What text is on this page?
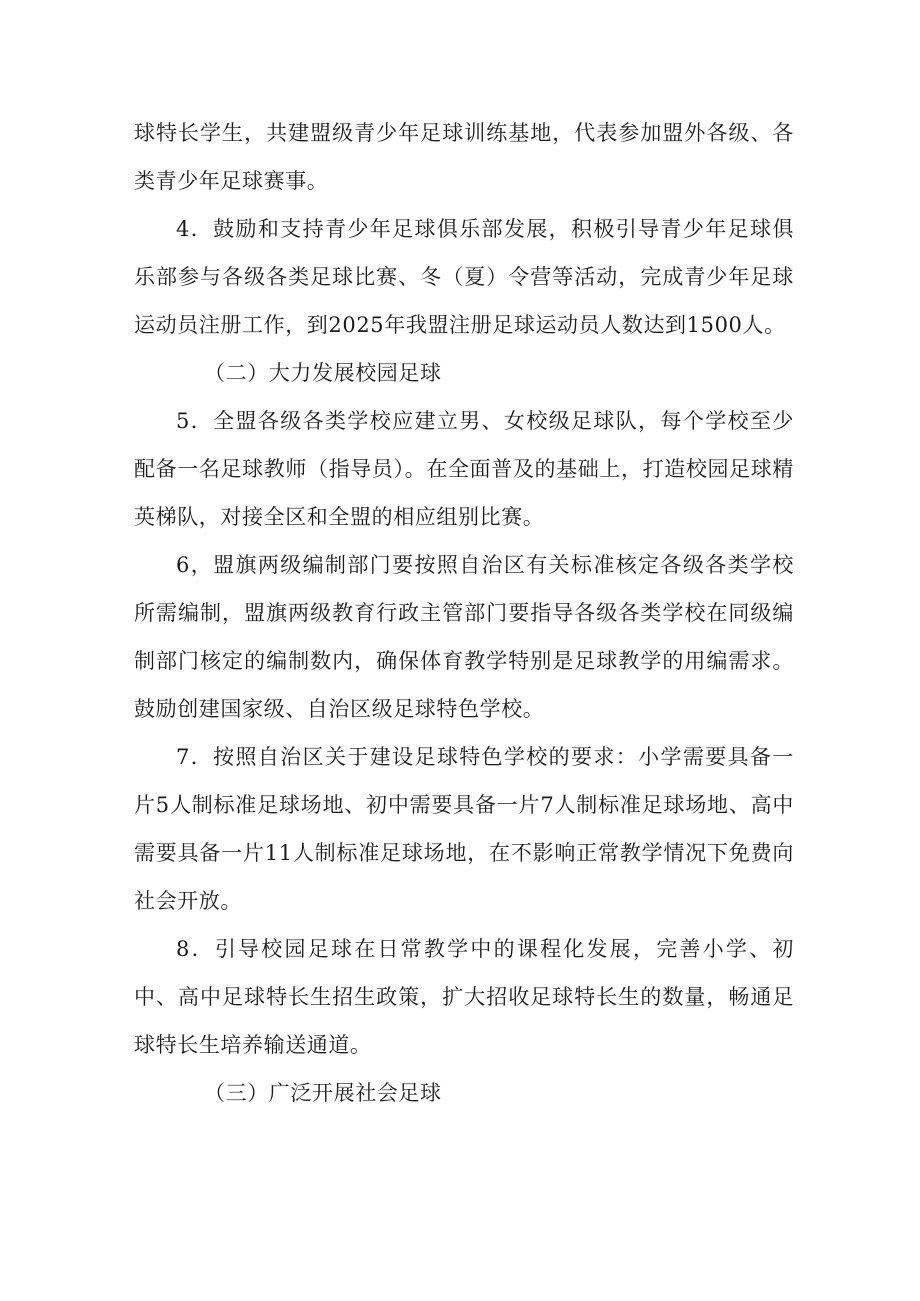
球特长学生，共建盟级青少年足球训练基地，代表参加盟外各级、各类青少年足球赛事。

4．鼓励和支持青少年足球俱乐部发展，积极引导青少年足球俱乐部参与各级各类足球比赛、冬（夏）令营等活动，完成青少年足球运动员注册工作，到2025年我盟注册足球运动员人数达到1500人。

（二）大力发展校园足球

5．全盟各级各类学校应建立男、女校级足球队，每个学校至少配备一名足球教师（指导员）。在全面普及的基础上，打造校园足球精英梯队，对接全区和全盟的相应组别比赛。

6，盟旗两级编制部门要按照自治区有关标准核定各级各类学校所需编制，盟旗两级教育行政主管部门要指导各级各类学校在同级编制部门核定的编制数内，确保体育教学特别是足球教学的用编需求。鼓励创建国家级、自治区级足球特色学校。

7．按照自治区关于建设足球特色学校的要求：小学需要具备一片5人制标准足球场地、初中需要具备一片7人制标准足球场地、高中需要具备一片11人制标准足球场地，在不影响正常教学情况下免费向社会开放。

8．引导校园足球在日常教学中的课程化发展，完善小学、初中、高中足球特长生招生政策，扩大招收足球特长生的数量，畅通足球特长生培养输送通道。

（三）广泛开展社会足球
